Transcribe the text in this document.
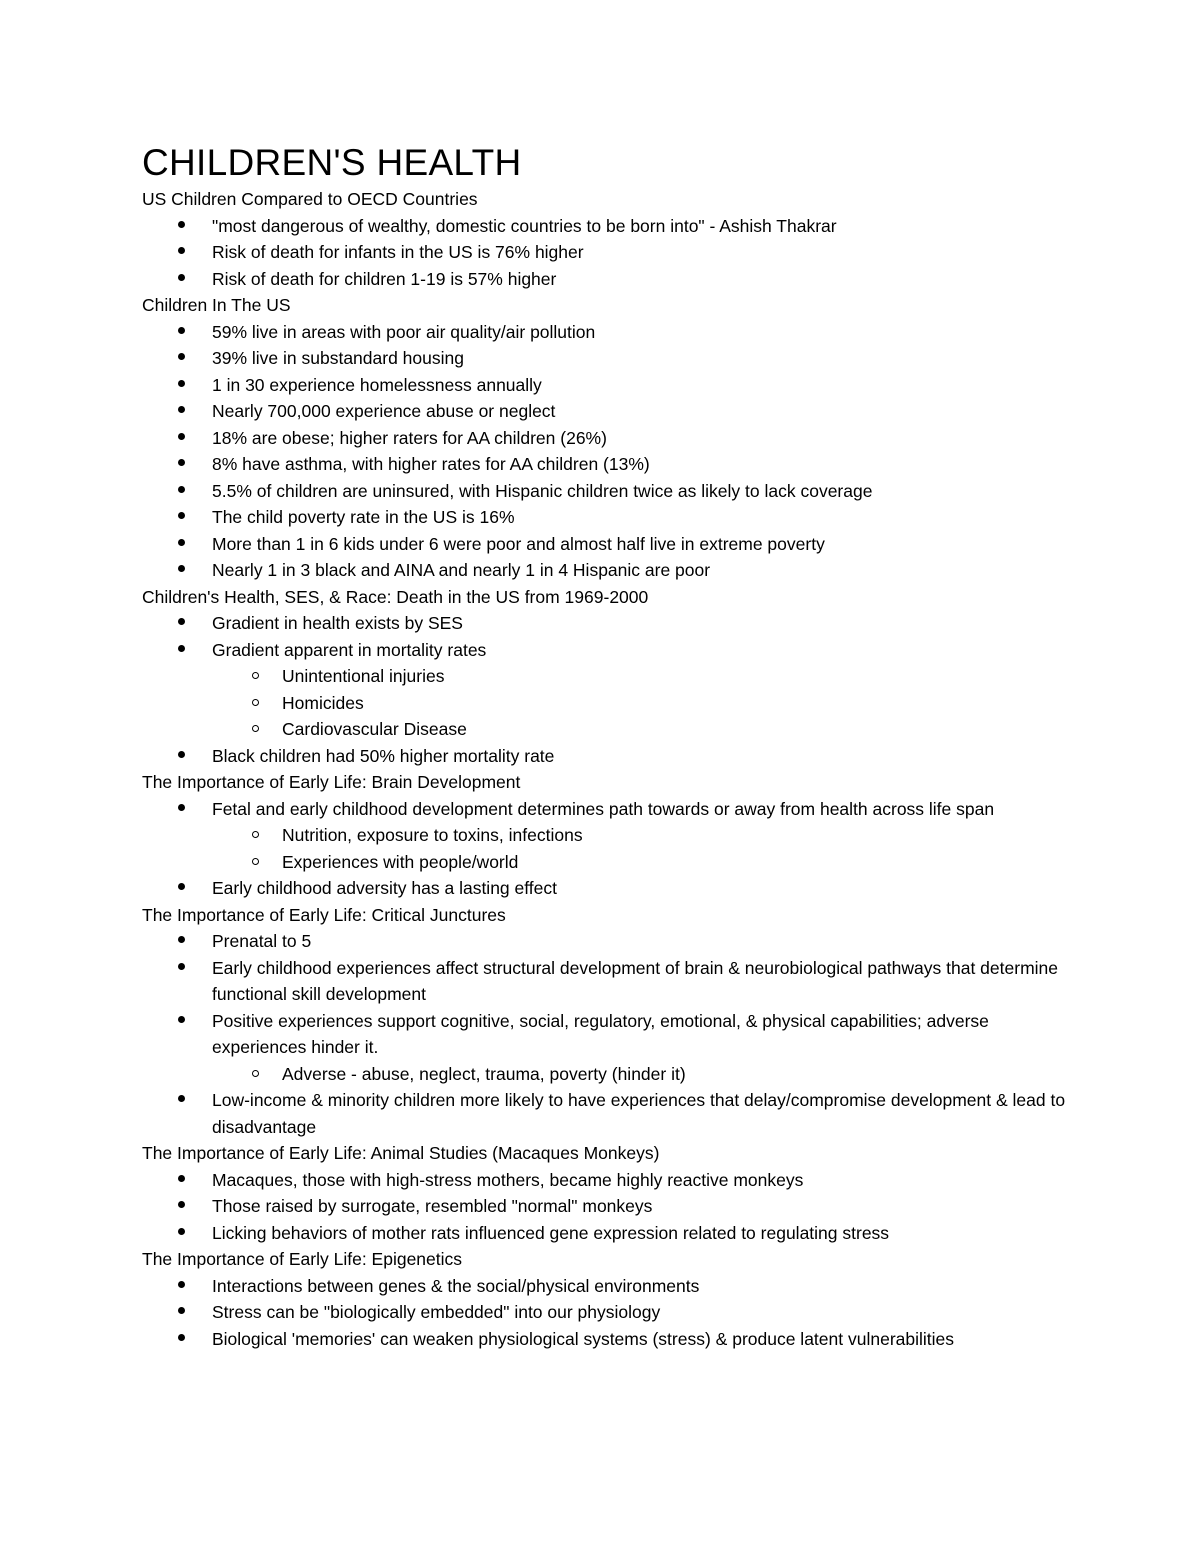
CHILDREN'S HEALTH
US Children Compared to OECD Countries
"most dangerous of wealthy, domestic countries to be born into" - Ashish Thakrar
Risk of death for infants in the US is 76% higher
Risk of death for children 1-19 is 57% higher
Children In The US
59% live in areas with poor air quality/air pollution
39% live in substandard housing
1 in 30 experience homelessness annually
Nearly 700,000 experience abuse or neglect
18% are obese; higher raters for AA children (26%)
8% have asthma, with higher rates for AA children (13%)
5.5% of children are uninsured, with Hispanic children twice as likely to lack coverage
The child poverty rate in the US is 16%
More than 1 in 6 kids under 6 were poor and almost half live in extreme poverty
Nearly 1 in 3 black and AINA and nearly 1 in 4 Hispanic are poor
Children's Health, SES, & Race: Death in the US from 1969-2000
Gradient in health exists by SES
Gradient apparent in mortality rates
Unintentional injuries
Homicides
Cardiovascular Disease
Black children had 50% higher mortality rate
The Importance of Early Life: Brain Development
Fetal and early childhood development determines path towards or away from health across life span
Nutrition, exposure to toxins, infections
Experiences with people/world
Early childhood adversity has a lasting effect
The Importance of Early Life: Critical Junctures
Prenatal to 5
Early childhood experiences affect structural development of brain & neurobiological pathways that determine functional skill development
Positive experiences support cognitive, social, regulatory, emotional, & physical capabilities; adverse experiences hinder it.
Adverse - abuse, neglect, trauma, poverty (hinder it)
Low-income & minority children more likely to have experiences that delay/compromise development & lead to disadvantage
The Importance of Early Life: Animal Studies (Macaques Monkeys)
Macaques, those with high-stress mothers, became highly reactive monkeys
Those raised by surrogate, resembled "normal" monkeys
Licking behaviors of mother rats influenced gene expression related to regulating stress
The Importance of Early Life: Epigenetics
Interactions between genes & the social/physical environments
Stress can be "biologically embedded" into our physiology
Biological 'memories' can weaken physiological systems (stress) & produce latent vulnerabilities
